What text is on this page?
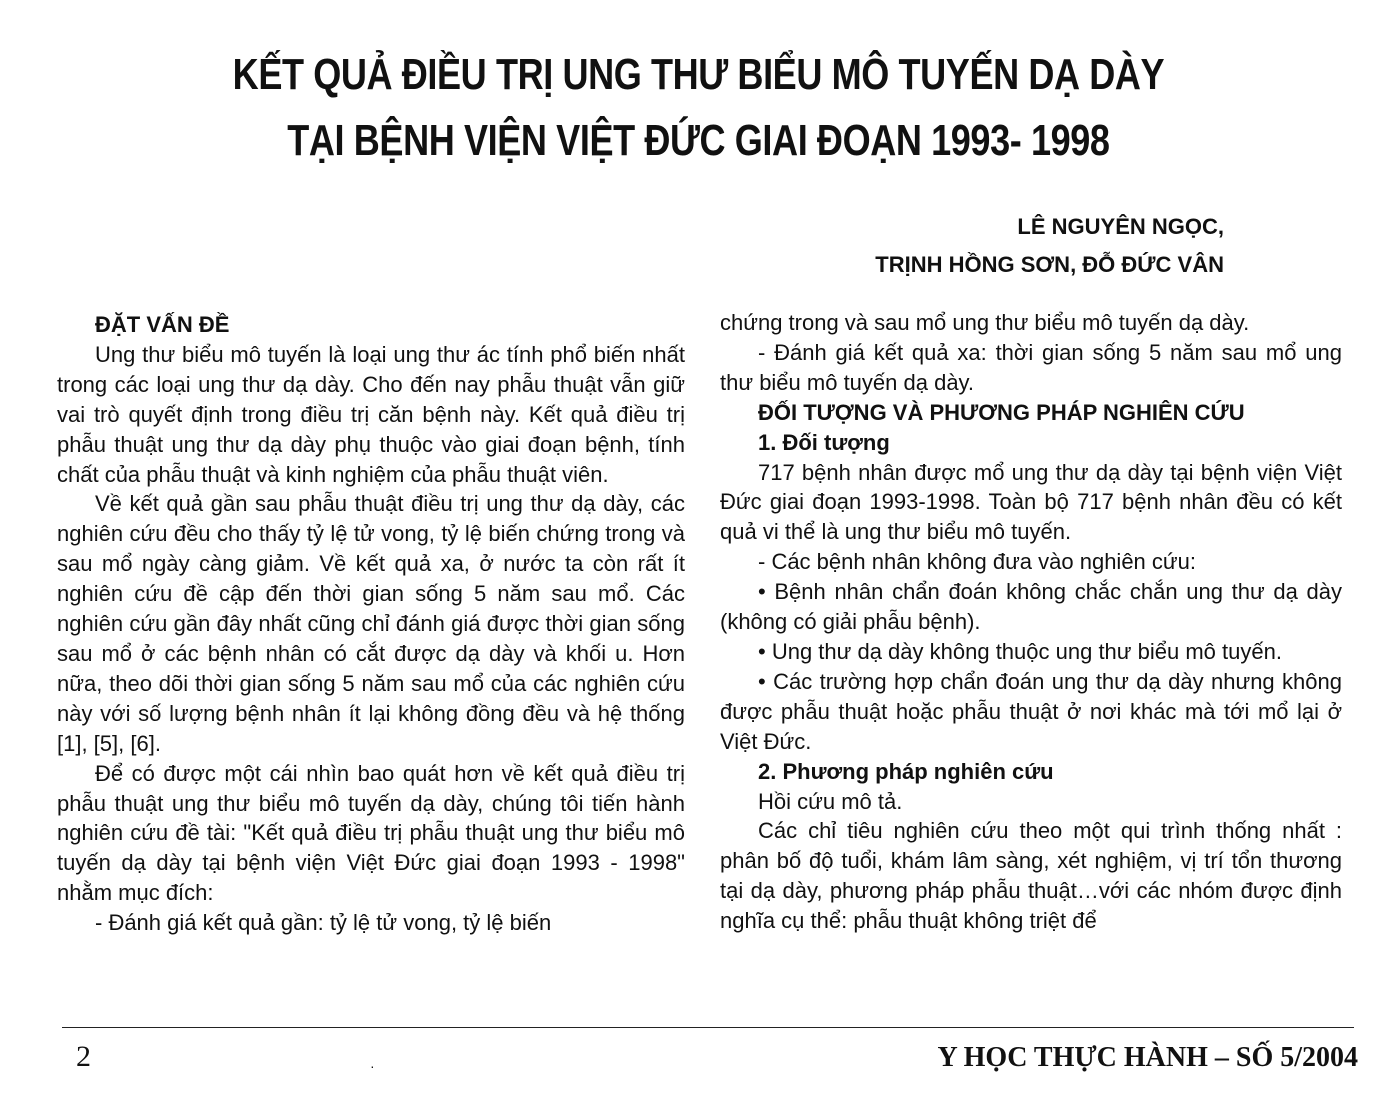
KẾT QUẢ ĐIỀU TRỊ UNG THƯ BIỂU MÔ TUYẾN DẠ DÀY
TẠI BỆNH VIỆN VIỆT ĐỨC GIAI ĐOẠN 1993- 1998
LÊ NGUYÊN NGỌC,
TRỊNH HỒNG SƠN, ĐỖ ĐỨC VÂN

ĐẶT VẤN ĐỀ

Ung thư biểu mô tuyến là loại ung thư ác tính phổ biến nhất trong các loại ung thư dạ dày. Cho đến nay phẫu thuật vẫn giữ vai trò quyết định trong điều trị căn bệnh này. Kết quả điều trị phẫu thuật ung thư dạ dày phụ thuộc vào giai đoạn bệnh, tính chất của phẫu thuật và kinh nghiệm của phẫu thuật viên.

Về kết quả gần sau phẫu thuật điều trị ung thư dạ dày, các nghiên cứu đều cho thấy tỷ lệ tử vong, tỷ lệ biến chứng trong và sau mổ ngày càng giảm. Về kết quả xa, ở nước ta còn rất ít nghiên cứu đề cập đến thời gian sống 5 năm sau mổ. Các nghiên cứu gần đây nhất cũng chỉ đánh giá được thời gian sống sau mổ ở các bệnh nhân có cắt được dạ dày và khối u. Hơn nữa, theo dõi thời gian sống 5 năm sau mổ của các nghiên cứu này với số lượng bệnh nhân ít lại không đồng đều và hệ thống [1], [5], [6].

Để có được một cái nhìn bao quát hơn về kết quả điều trị phẫu thuật ung thư biểu mô tuyến dạ dày, chúng tôi tiến hành nghiên cứu đề tài: "Kết quả điều trị phẫu thuật ung thư biểu mô tuyến dạ dày tại bệnh viện Việt Đức giai đoạn 1993 - 1998" nhằm mục đích:

- Đánh giá kết quả gần: tỷ lệ tử vong, tỷ lệ biến

chứng trong và sau mổ ung thư biểu mô tuyến dạ dày.

- Đánh giá kết quả xa: thời gian sống 5 năm sau mổ ung thư biểu mô tuyến dạ dày.

ĐỐI TƯỢNG VÀ PHƯƠNG PHÁP NGHIÊN CỨU

1. Đối tượng

717 bệnh nhân được mổ ung thư dạ dày tại bệnh viện Việt Đức giai đoạn 1993-1998. Toàn bộ 717 bệnh nhân đều có kết quả vi thể là ung thư biểu mô tuyến.

- Các bệnh nhân không đưa vào nghiên cứu:

• Bệnh nhân chẩn đoán không chắc chắn ung thư dạ dày (không có giải phẫu bệnh).

• Ung thư dạ dày không thuộc ung thư biểu mô tuyến.

• Các trường hợp chẩn đoán ung thư dạ dày nhưng không được phẫu thuật hoặc phẫu thuật ở nơi khác mà tới mổ lại ở Việt Đức.

2. Phương pháp nghiên cứu

Hồi cứu mô tả.

Các chỉ tiêu nghiên cứu theo một qui trình thống nhất : phân bố độ tuổi, khám lâm sàng, xét nghiệm, vị trí tổn thương tại dạ dày, phương pháp phẫu thuật…với các nhóm được định nghĩa cụ thể: phẫu thuật không triệt để

2	·	Y HỌC THỰC HÀNH – SỐ 5/2004
